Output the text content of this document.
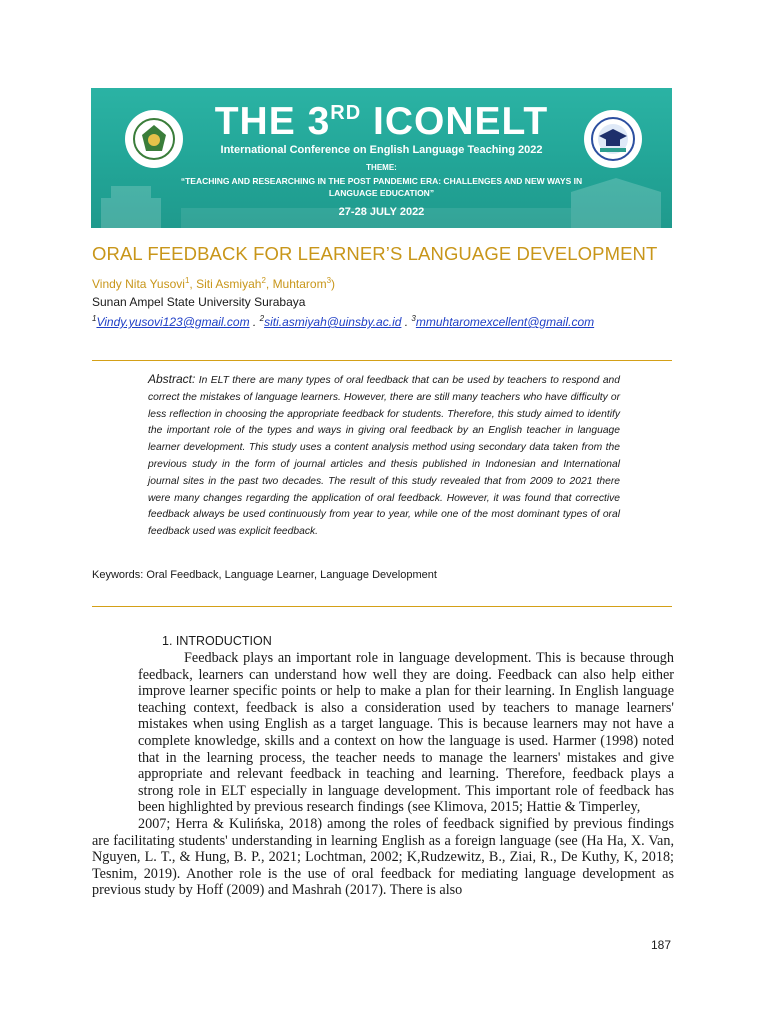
THE 3RD ICONELT
International Conference on English Language Teaching 2022
THEME:
“TEACHING AND RESEARCHING IN THE POST PANDEMIC ERA: CHALLENGES AND NEW WAYS IN LANGUAGE EDUCATION”
27-28 JULY 2022
ORAL FEEDBACK FOR LEARNER’S LANGUAGE DEVELOPMENT
Vindy Nita Yusovi$^1$, Siti Asmiyah$^2$, Muhtarom$^3$)
Sunan Ampel State University Surabaya
$^1$Vindy.yusovi123@gmail.com . $^2$siti.asmiyah@uinsby.ac.id . $^3$mmuhtaromexcellent@gmail.com
Abstract: In ELT there are many types of oral feedback that can be used by teachers to respond and correct the mistakes of language learners. However, there are still many teachers who have difficulty or less reflection in choosing the appropriate feedback for students. Therefore, this study aimed to identify the important role of the types and ways in giving oral feedback by an English teacher in language learner development. This study uses a content analysis method using secondary data taken from the previous study in the form of journal articles and thesis published in Indonesian and International journal sites in the past two decades. The result of this study revealed that from 2009 to 2021 there were many changes regarding the application of oral feedback. However, it was found that corrective feedback always be used continuously from year to year, while one of the most dominant types of oral feedback used was explicit feedback.
Keywords: Oral Feedback, Language Learner, Language Development
1. INTRODUCTION

Feedback plays an important role in language development. This is because through feedback, learners can understand how well they are doing. Feedback can also help either improve learner specific points or help to make a plan for their learning. In English language teaching context, feedback is also a consideration used by teachers to manage learners' mistakes when using English as a target language. This is because learners may not have a complete knowledge, skills and a context on how the language is used. Harmer (1998) noted that in the learning process, the teacher needs to manage the learners' mistakes and give appropriate and relevant feedback in teaching and learning. Therefore, feedback plays a strong role in ELT especially in language development. This important role of feedback has been highlighted by previous research findings (see Klimova, 2015; Hattie & Timperley,

2007; Herra & Kulińska, 2018) among the roles of feedback signified by previous findings are facilitating students' understanding in learning English as a foreign language (see (Ha Ha, X. Van, Nguyen, L. T., & Hung, B. P., 2021; Lochtman, 2002; K,Rudzewitz, B., Ziai, R., De Kuthy, K, 2018; Tesnim, 2019). Another role is the use of oral feedback for mediating language development as previous study by Hoff (2009) and Mashrah (2017). There is also

187
